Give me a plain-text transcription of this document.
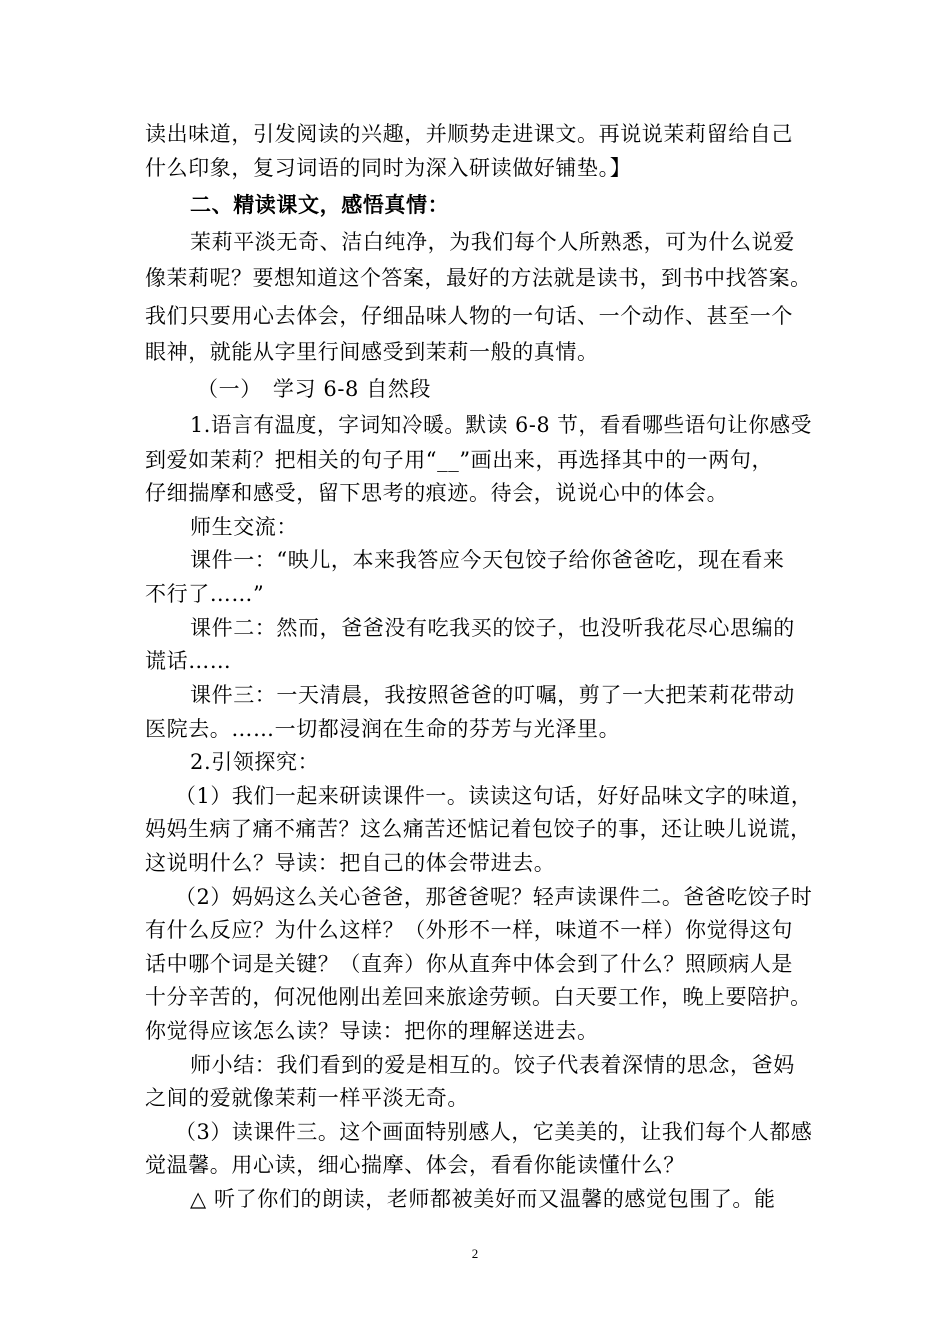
读出味道，引发阅读的兴趣，并顺势走进课文。再说说茉莉留给自己
什么印象，复习词语的同时为深入研读做好铺垫。】
二、精读课文，感悟真情：
茉莉平淡无奇、洁白纯净，为我们每个人所熟悉，可为什么说爱
像茉莉呢？要想知道这个答案，最好的方法就是读书，到书中找答案。
我们只要用心去体会，仔细品味人物的一句话、一个动作、甚至一个
眼神，就能从字里行间感受到茉莉一般的真情。
（一）　学习 6-8 自然段
1.语言有温度，字词知冷暖。默读 6-8 节，看看哪些语句让你感受
到爱如茉莉？把相关的句子用“__”画出来，再选择其中的一两句，
仔细揣摩和感受，留下思考的痕迹。待会，说说心中的体会。
师生交流：
课件一：“映儿，本来我答应今天包饺子给你爸爸吃，现在看来
不行了……”
课件二：然而，爸爸没有吃我买的饺子，也没听我花尽心思编的
谎话……
课件三：一天清晨，我按照爸爸的叮嘱，剪了一大把茉莉花带动
医院去。……一切都浸润在生命的芬芳与光泽里。
2.引领探究：
（1）我们一起来研读课件一。读读这句话，好好品味文字的味道，
妈妈生病了痛不痛苦？这么痛苦还惦记着包饺子的事，还让映儿说谎，
这说明什么？导读：把自己的体会带进去。
（2）妈妈这么关心爸爸，那爸爸呢？轻声读课件二。爸爸吃饺子时
有什么反应？为什么这样？（外形不一样，味道不一样）你觉得这句
话中哪个词是关键？（直奔）你从直奔中体会到了什么？照顾病人是
十分辛苦的，何况他刚出差回来旅途劳顿。白天要工作，晚上要陪护。
你觉得应该怎么读？导读：把你的理解送进去。
师小结：我们看到的爱是相互的。饺子代表着深情的思念，爸妈
之间的爱就像茉莉一样平淡无奇。
（3）读课件三。这个画面特别感人，它美美的，让我们每个人都感
觉温馨。用心读，细心揣摩、体会，看看你能读懂什么？
△ 听了你们的朗读，老师都被美好而又温馨的感觉包围了。能
2
